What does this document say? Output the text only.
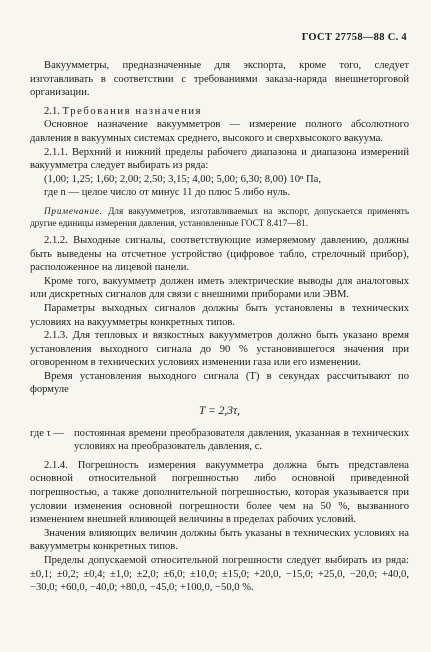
ГОСТ 27758—88 С. 4

Вакуумметры, предназначенные для экспорта, кроме того, следует изготавливать в соответствии с требованиями заказа-наряда внешнеторговой организации.

2.1. Требования назначения

Основное назначение вакуумметров — измерение полного абсолютного давления в вакуумных системах среднего, высокого и сверхвысокого вакуума.

2.1.1. Верхний и нижний пределы рабочего диапазона и диапазона измерений вакуумметра следует выбирать из ряда:

(1,00; 1,25; 1,60; 2,00; 2,50; 3,15; 4,00; 5,00; 6,30; 8,00) 10ⁿ Па,

где n — целое число от минус 11 до плюс 5 либо нуль.

Примечание. Для вакуумметров, изготавливаемых на экспорт, допускается применять другие единицы измерения давления, установленные ГОСТ 8.417—81.

2.1.2. Выходные сигналы, соответствующие измеряемому давлению, должны быть выведены на отсчетное устройство (цифровое табло, стрелочный прибор), расположенное на лицевой панели.

Кроме того, вакуумметр должен иметь электрические выводы для аналоговых или дискретных сигналов для связи с внешними приборами или ЭВМ.

Параметры выходных сигналов должны быть установлены в технических условиях на вакуумметры конкретных типов.

2.1.3. Для тепловых и вязкостных вакуумметров должно быть указано время установления выходного сигнала до 90 % установившегося значения при оговоренном в технических условиях изменении газа или его изменении.

Время установления выходного сигнала (T) в секундах рассчитывают по формуле

T = 2,3τ,
где τ — постоянная времени преобразователя давления, указанная в технических условиях на преобразователь давления, с.

2.1.4. Погрешность измерения вакуумметра должна быть представлена основной относительной погрешностью либо основной приведенной погрешностью, а также дополнительной погрешностью, которая указывается при условии изменения основной погрешности более чем на 50 %, вызванного изменением внешней влияющей величины в пределах рабочих условий.

Значения влияющих величин должны быть указаны в технических условиях на вакуумметры конкретных типов.

Пределы допускаемой относительной погрешности следует выбирать из ряда: ±0,1; ±0,2; ±0,4; ±1,0; ±2,0; ±6,0; ±10,0; ±15,0; +20,0, −15,0; +25,0, −20,0; +40,0, −30,0; +60,0, −40,0; +80,0, −45,0; +100,0, −50,0 %.
